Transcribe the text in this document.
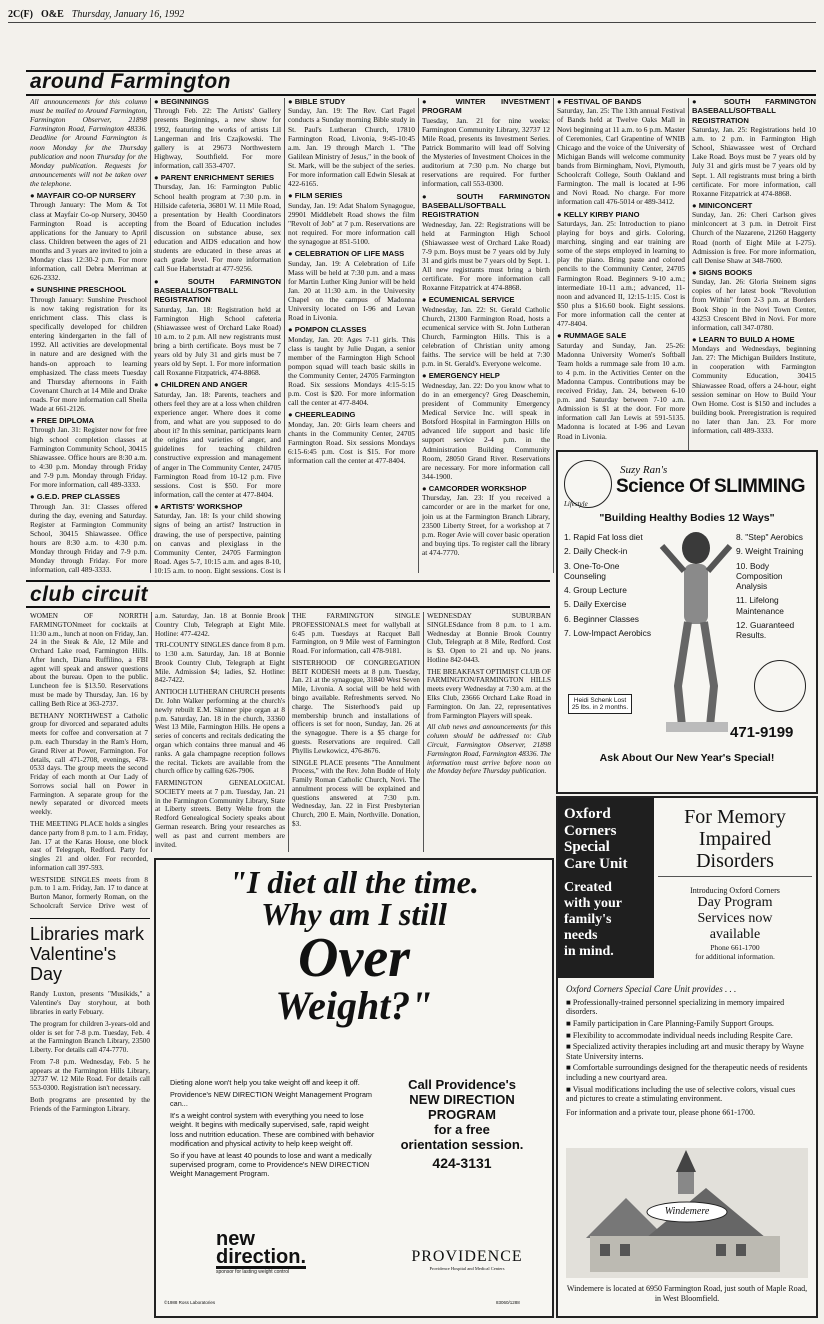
2C(F) O&E Thursday, January 16, 1992
around Farmington

All announcements for this column must be mailed to Around Farmington, Farmington Observer, 21898 Farmington Road, Farmington 48336. Deadline for Around Farmington is noon Monday for the Thursday publication and noon Thursday for the Monday publication. Requests for announcements will not be taken over the telephone.

● MAYFAIR CO-OP NURSERY

Through January: The Mom & Tot class at Mayfair Co-op Nursery, 30450 Farmington Road is accepting applications for the January to April class. Children between the ages of 21 months and 3 years are invited to join a Monday class 12:30-2 p.m. For more information, call Debra Merriman at 626-2332.

● SUNSHINE PRESCHOOL

Through January: Sunshine Preschool is now taking registration for its enrichment class. This class is specifically developed for children entering kindergarten in the fall of 1992. All activities are developmental in nature and are designed with the hands-on approach to learning emphasized. The class meets Tuesday and Thursday afternoons in Faith Covenant Church at 14 Mile and Drake roads. For more information call Sheila Wade at 661-2126.

● FREE DIPLOMA

Through Jan. 31: Register now for free high school completion classes at Farmington Community School, 30415 Shiawassee. Office hours are 8:30 a.m. to 4:30 p.m. Monday through Friday and 7-9 p.m. Monday through Friday. For more information, call 489-3333.

● G.E.D. PREP CLASSES

Through Jan. 31: Classes offered during the day, evening and Saturday. Register at Farmington Community School, 30415 Shiawassee. Office hours are 8:30 a.m. to 4:30 p.m. Monday through Friday and 7-9 p.m. Monday through Friday. For more information, call 489-3333.

● BEGINNINGS

Through Feb. 22: The Artists' Gallery presents Beginnings, a new show for 1992, featuring the works of artists Lil Langerman and Iris Czajkowski. The gallery is at 29673 Northwestern Highway, Southfield. For more information, call 353-4707.

● PARENT ENRICHMENT SERIES

Thursday, Jan. 16: Farmington Public School health program at 7:30 p.m. in Hillside cafeteria, 36801 W. 11 Mile Road, a presentation by Health Coordinators from the Board of Education includes discussion on substance abuse, sex education and AIDS education and how students are educated in these areas at each grade level. For more information call Sue Habertstadt at 477-9256.

● SOUTH FARMINGTON BASEBALL/SOFTBALL REGISTRATION

Saturday, Jan. 18: Registration held at Farmington High School cafeteria (Shiawassee west of Orchard Lake Road) 10 a.m. to 2 p.m. All new registrants must bring a birth certificate. Boys must be 7 years old by July 31 and girls must be 7 years old by Sept. 1. For more information call Roxanne Fitzpatrick, 474-8868.

● CHILDREN AND ANGER

Saturday, Jan. 18: Parents, teachers and others feel they are at a loss when children experience anger. Where does it come from, and what are you supposed to do about it? In this seminar, participants learn the origins and varieties of anger, and guidelines for teaching children constructive expression and management of anger in The Community Center, 24705 Farmington Road from 10-12 p.m. Five sessions. Cost is $50. For more information, call the center at 477-8404.

● ARTISTS' WORKSHOP

Saturday, Jan. 18: Is your child showing signs of being an artist? Instruction in drawing, the use of perspective, painting on canvas and plexiglass in the Community Center, 24705 Farmington Road. Ages 5-7, 10:15 a.m. and ages 8-10, 10:15 a.m. to noon. Eight sessions. Cost is

● BIBLE STUDY

Sunday, Jan. 19: The Rev. Carl Pagel conducts a Sunday morning Bible study in St. Paul's Lutheran Church, 17810 Farmington Road, Livonia, 9:45-10:45 a.m. Jan. 19 through March 1. "The Galilean Ministry of Jesus," in the book of St. Mark, will be the subject of the series. For more information call Edwin Slesak at 422-6165.

● FILM SERIES

Sunday, Jan. 19: Adat Shalom Synagogue, 29901 Middlebelt Road shows the film "Revolt of Job" at 7 p.m. Reservations are not required. For more information call the synagogue at 851-5100.

● CELEBRATION OF LIFE MASS

Sunday, Jan. 19: A Celebration of Life Mass will be held at 7:30 p.m. and a mass for Martin Luther King Junior will be held Jan. 20 at 11:30 a.m. in the University Chapel on the campus of Madonna University located on I-96 and Levan Road in Livonia.

● POMPON CLASSES

Monday, Jan. 20: Ages 7-11 girls. This class is taught by Julie Dugan, a senior member of the Farmington High School pompon squad will teach basic skills in the Community Center, 24705 Farmington Road. Six sessions Mondays 4:15-5:15 p.m. Cost is $20. For more information call the center at 477-8404.

● CHEERLEADING

Monday, Jan. 20: Girls learn cheers and chants in the Community Center, 24705 Farmington Road. Six sessions Mondays 6:15-6:45 p.m. Cost is $15. For more information call the center at 477-8404.

● WINTER INVESTMENT PROGRAM

Tuesday, Jan. 21 for nine weeks: Farmington Community Library, 32737 12 Mile Road, presents its Investment Series. Patrick Bommarito will lead off Solving the Mysteries of Investment Choices in the auditorium at 7:30 p.m. No charge but reservations are required. For further information, call 553-0300.

● SOUTH FARMINGTON BASEBALL/SOFTBALL REGISTRATION

Wednesday, Jan. 22: Registrations will be held at Farmington High School (Shiawassee west of Orchard Lake Road) 7-9 p.m. Boys must be 7 years old by July 31 and girls must be 7 years old by Sept. 1. All new registrants must bring a birth certificate. For more information call Roxanne Fitzpatrick at 474-8868.

● ECUMENICAL SERVICE

Wednesday, Jan. 22: St. Gerald Catholic Church, 21300 Farmington Road, hosts a ecumenical service with St. John Lutheran Church, Farmington Hills. This is a celebration of Christian unity among faiths. The service will be held at 7:30 p.m. in St. Gerald's. Everyone welcome.

● EMERGENCY HELP

Wednesday, Jan. 22: Do you know what to do in an emergency? Greg Deaschemin, president of Community Emergency Medical Service Inc. will speak in Botsford Hospital in Farmington Hills on advanced life support and basic life support service 2-4 p.m. in the Administration Building Community Room, 28050 Grand River. Reservations are necessary. For more information call 344-1900.

● CAMCORDER WORKSHOP

Thursday, Jan. 23: If you received a camcorder or are in the market for one, join us at the Farmington Branch Library, 23500 Liberty Street, for a workshop at 7 p.m. Roger Avie will cover basic operation and buying tips. To register call the library at 474-7770.

● FESTIVAL OF BANDS

Saturday, Jan. 25: The 13th annual Festival of Bands held at Twelve Oaks Mall in Novi beginning at 11 a.m. to 6 p.m. Master of Ceremonies, Carl Grapentine of WNIB Chicago and the voice of the University of Michigan Bands will welcome community bands from Birmingham, Novi, Plymouth, Schoolcraft College, South Oakland and Farmington. The mall is located at I-96 and Novi Road. No charge. For more information call 476-5014 or 489-3412.

● KELLY KIRBY PIANO

Saturdays, Jan. 25: Introduction to piano playing for boys and girls. Coloring, marching, singing and ear training are some of the steps employed in learning to play the piano. Bring paste and colored pencils to the Community Center, 24705 Farmington Road. Beginners 9-10 a.m.; intermediate 10-11 a.m.; advanced, 11-noon and advanced II, 12:15-1:15. Cost is $50 plus a $16.60 book. Eight sessions. For more information call the center at 477-8404.

● RUMMAGE SALE

Saturday and Sunday, Jan. 25-26: Madonna University Women's Softball Team holds a rummage sale from 10 a.m. to 4 p.m. in the Activities Center on the Madonna Campus. Contributions may be received Friday, Jan. 24, between 6-10 p.m. and Saturday between 7-10 a.m. Admission is $1 at the door. For more information call Jan Lewis at 591-5135. Madonna is located at I-96 and Levan Road in Livonia.

● SOUTH FARMINGTON BASEBALL/SOFTBALL REGISTRATION

Saturday, Jan. 25: Registrations held 10 a.m. to 2 p.m. in Farmington High School, Shiawassee west of Orchard Lake Road. Boys must be 7 years old by July 31 and girls must be 7 years old by Sept. 1. All registrants must bring a birth certificate. For more information, call Roxanne Fitzpatrick at 474-8868.

● MINICONCERT

Sunday, Jan. 26: Cheri Carlson gives minlconcert at 3 p.m. in Detroit First Church of the Nazarene, 21260 Haggerty Road (north of Eight Mile at I-275). Admission is free. For more information, call Denise Shaw at 348-7600.

● SIGNS BOOKS

Sunday, Jan. 26: Gloria Steinem signs copies of her latest book "Revolution from Within" from 2-3 p.m. at Borders Book Shop in the Novi Town Center, 43253 Crescent Blvd in Novi. For more information, call 347-0780.

● LEARN TO BUILD A HOME

Mondays and Wednesdays, beginning Jan. 27: The Michigan Builders Institute, in cooperation with Farmington Community Education, 30415 Shiawassee Road, offers a 24-hour, eight session seminar on How to Build Your Own Home. Cost is $150 and includes a building book. Preregistration is required no later than Jan. 23. For more information, call 489-3333.

Suzy Ran's
Science Of SLIMMING
Lifestyle
"Building Healthy Bodies 12 Ways"
1. Rapid Fat loss diet
2. Daily Check-in
3. One-To-One Counseling
4. Group Lecture
5. Daily Exercise
6. Beginner Classes
7. Low-Impact Aerobics
8. "Step" Aerobics
9. Weight Training
10. Body Composition Analysis
11. Lifelong Maintenance
12. Guaranteed Results.
Heidi Schenk Lost 25 lbs. in 2 months.
471-9199
Ask About Our New Year's Special!
club circuit

WOMEN OF NORRTH FARMINGTONmeet for cocktails at 11:30 a.m., lunch at noon on Friday, Jan. 24 in the Steak & Ale, 12 Mile and Orchard Lake road, Farmington Hills. After lunch, Diana Ruffilino, a FBI agent will speak and answer questions about the bureau. Open to the public. Luncheon fee is $13.50. Reservations must be made by Thursday, Jan. 16 by calling Beth Rice at 363-2737.

BETHANY NORTHWEST a Catholic group for divorced and separated adults meets for coffee and conversation at 7 p.m. each Thursday in the Ram's Horn, Grand River at Power, Farmington. For details, call 471-2708, evenings, 478-0533 days. The group meets the second Friday of each month at Our Lady of Sorrows social hall on Power in Farmington. A separate group for the newly separated or divorced meets weekly.

THE MEETING PLACE holds a singles dance party from 8 p.m. to 1 a.m. Friday, Jan. 17 at the Karas House, one block east of Telegraph, Redford. Party for singles 21 and older. For recorded, information call 397-593.

WESTSIDE SINGLES meets from 8 p.m. to 1 a.m. Friday, Jan. 17 to dance at Burton Manor, formerly Roman, on the Schoolcraft Service Drive west of

a.m. Saturday, Jan. 18 at Bonnie Brook Country Club, Telegraph at Eight Mile. Hotline: 477-4242.

TRI-COUNTY SINGLES dance from 8 p.m. to 1:30 a.m. Saturday, Jan. 18 at Bonnie Brook Country Club, Telegraph at Eight Mile. Admission $4; ladies, $2. Hotline: 842-7422.

ANTIOCH LUTHERAN CHURCH presents Dr. John Walker performing at the church's newly rebuilt E.M. Skinner pipe organ at 8 p.m. Saturday, Jan. 18 in the church, 33360 West 13 Mile, Farmington Hills. He opens a series of concerts and recitals dedicating the organ which contains three manual and 46 ranks. A gala champagne reception follows the recital. Tickets are available from the church office by calling 626-7906.

FARMINGTON GENEALOGICAL SOCIETY meets at 7 p.m. Tuesday, Jan. 21 in the Farmington Community Library, State at Liberty streets. Betty Welte from the Redford Genealogical Society speaks about German research. Bring your researches as well as past and current members are invited.

THE FARMINGTON SINGLE PROFESSIONALS meet for wallyball at 6:45 p.m. Tuesdays at Racquet Ball Farmington, on 9 Mile west of Farmington Road. For information, call 478-9181.

SISTERHOOD OF CONGREGATION BEIT KODESH meets at 8 p.m. Tuesday, Jan. 21 at the synagogue, 31840 West Seven Mile, Livonia. A social will be held with bingo available. Refreshments served. No charge. The Sisterhood's paid up membership brunch and installations of officers is set for noon, Sunday, Jan. 26 at the synagogue. There is a $5 charge for guests. Reservations are required. Call Phyllis Lewkowicz, 476-8676.

SINGLE PLACE presents "The Annulment Process," with the Rev. John Budde of Holy Family Roman Catholic Church, Novi. The annulment process will be explained and questions answered at 7:30 p.m. Wednesday, Jan. 22 in First Presbyterian Church, 200 E. Main, Northville. Donation, $3.

WEDNESDAY SUBURBAN SINGLESdance from 8 p.m. to 1 a.m. Wednesday at Bonnie Brook Country Club, Telegraph at 8 Mile, Redford. Cost is $3. Open to 21 and up. No jeans. Hotline 842-0443.

THE BREAKFAST OPTIMIST CLUB OF FARMINGTON/FARMINGTON HILLS meets every Wednesday at 7:30 a.m. at the Elks Club, 23666 Orchard Lake Road in Farmington. On Jan. 22, representatives from Farmington Players will speak.

All club news and announcements for this column should be addressed to: Club Circuit, Farmington Observer, 21898 Farmington Road, Farmington 48336. The information must arrive before noon on the Monday before Thursday publication.

Libraries mark
Valentine's Day

Randy Luxton, presents "Musikids," a Valentine's Day storyhour, at both libraries in early Febuary.

The program for children 3-years-old and older is set for 7-8 p.m. Tuesday, Feb. 4 at the Farmington Branch Library, 23500 Liberty. For details call 474-7770.

From 7-8 p.m. Wednesday, Feb. 5 he appears at the Farmington Hills Library, 32737 W. 12 Mile Road. For details call 553-0300. Registration isn't necessary.

Both programs are presented by the Friends of the Farmington Library.

Oxford
Corners
Special
Care Unit
Created
with your
family's
needs
in mind.
For Memory
Impaired
Disorders
Introducing Oxford Corners
Day Program
Services now
available
Phone 661-1700
for additional information.
Oxford Corners Special Care Unit provides . . .
■ Professionally-trained personnel specializing in memory impaired disorders.
■ Family participation in Care Planning-Family Support Groups.
■ Flexibility to accommodate individual needs including Respite Care.
■ Specialized activity therapies including art and music therapy by Wayne State University interns.
■ Comfortable surroundings designed for the therapeutic needs of residents including a new courtyard area.
■ Visual modifications including the use of selective colors, visual cues and pictures to create a stimulating environment.
For information and a private tour, please phone 661-1700.
Windemere
Windemere is located at 6950 Farmington Road, just south of Maple Road, in West Bloomfield.
"I diet all the time.
Why am I still
Over
Weight?"

Dieting alone won't help you take weight off and keep it off.

Providence's NEW DIRECTION Weight Management Program can...

It's a weight control system with everything you need to lose weight. It begins with medically supervised, safe, rapid weight loss and nutrition education. These are combined with behavior modification and physical activity to help keep weight off.

So if you have at least 40 pounds to lose and want a medically supervised program, come to Providence's NEW DIRECTION Weight Management Program.

new
direction.
sponsor for lasting weight control
Call Providence's
NEW DIRECTION
PROGRAM
for a free
orientation session.
424-3131
PROVIDENCE
Providence Hospital and Medical Centers
©1988 Ross Laboratories	83060/1288
